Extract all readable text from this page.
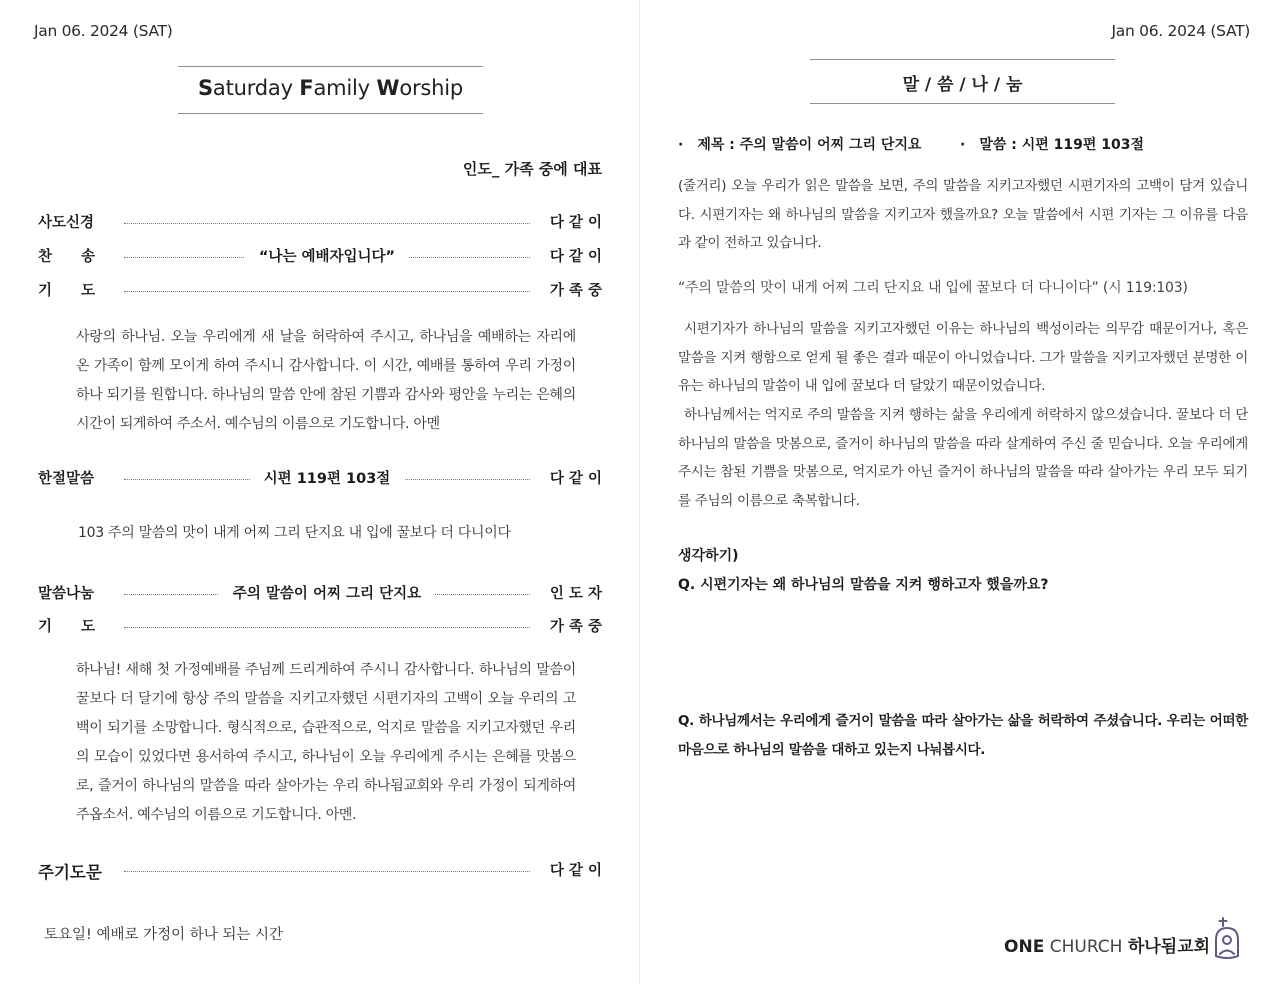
Jan 06. 2024 (SAT)
Saturday Family Worship
인도_ 가족 중에 대표
사도신경	다 같 이
찬　　송	“나는 예배자입니다”	다 같 이
기　　도	가 족 중
사랑의 하나님. 오늘 우리에게 새 날을 허락하여 주시고, 하나님을 예배하는 자리에 온 가족이 함께 모이게 하여 주시니 감사합니다. 이 시간, 예배를 통하여 우리 가정이 하나 되기를 원합니다. 하나님의 말씀 안에 참된 기쁨과 감사와 평안을 누리는 은혜의 시간이 되게하여 주소서. 예수님의 이름으로 기도합니다. 아멘
한절말씀	시편 119편 103절	다 같 이
103 주의 말씀의 맛이 내게 어찌 그리 단지요 내 입에 꿀보다 더 다니이다
말씀나눔	주의 말씀이 어찌 그리 단지요	인 도 자
기　　도	가 족 중
하나님! 새해 첫 가정예배를 주님께 드리게하여 주시니 감사합니다. 하나님의 말씀이 꿀보다 더 달기에 항상 주의 말씀을 지키고자했던 시편기자의 고백이 오늘 우리의 고백이 되기를 소망합니다. 형식적으로, 습관적으로, 억지로 말씀을 지키고자했던 우리의 모습이 있었다면 용서하여 주시고, 하나님이 오늘 우리에게 주시는 은혜를 맛봄으로, 즐거이 하나님의 말씀을 따라 살아가는 우리 하나됨교회와 우리 가정이 되게하여 주옵소서. 예수님의 이름으로 기도합니다. 아멘.
주기도문	다 같 이
토요일! 예배로 가정이 하나 되는 시간
Jan 06. 2024 (SAT)
말 / 씀 / 나 / 눔
·　제목 : 주의 말씀이 어찌 그리 단지요	·　말씀 : 시편 119편 103절
(줄거리) 오늘 우리가 읽은 말씀을 보면, 주의 말씀을 지키고자했던 시편기자의 고백이 담겨 있습니다. 시편기자는 왜 하나님의 말씀을 지키고자 했을까요? 오늘 말씀에서 시편 기자는 그 이유를 다음과 같이 전하고 있습니다.
“주의 말씀의 맛이 내게 어찌 그리 단지요 내 입에 꿀보다 더 다니이다” (시 119:103)
시편기자가 하나님의 말씀을 지키고자했던 이유는 하나님의 백성이라는 의무감 때문이거나, 혹은 말씀을 지켜 행함으로 얻게 될 좋은 결과 때문이 아니었습니다. 그가 말씀을 지키고자했던 분명한 이유는 하나님의 말씀이 내 입에 꿀보다 더 달았기 때문이었습니다.
하나님께서는 억지로 주의 말씀을 지켜 행하는 삶을 우리에게 허락하지 않으셨습니다. 꿀보다 더 단 하나님의 말씀을 맛봄으로, 즐거이 하나님의 말씀을 따라 살게하여 주신 줄 믿습니다. 오늘 우리에게 주시는 참된 기쁨을 맛봄으로, 억지로가 아닌 즐거이 하나님의 말씀을 따라 살아가는 우리 모두 되기를 주님의 이름으로 축복합니다.
생각하기)
Q. 시편기자는 왜 하나님의 말씀을 지켜 행하고자 했을까요?
Q. 하나님께서는 우리에게 즐거이 말씀을 따라 살아가는 삶을 허락하여 주셨습니다. 우리는 어떠한 마음으로 하나님의 말씀을 대하고 있는지 나눠봅시다.
ONE CHURCH 하나됨교회
